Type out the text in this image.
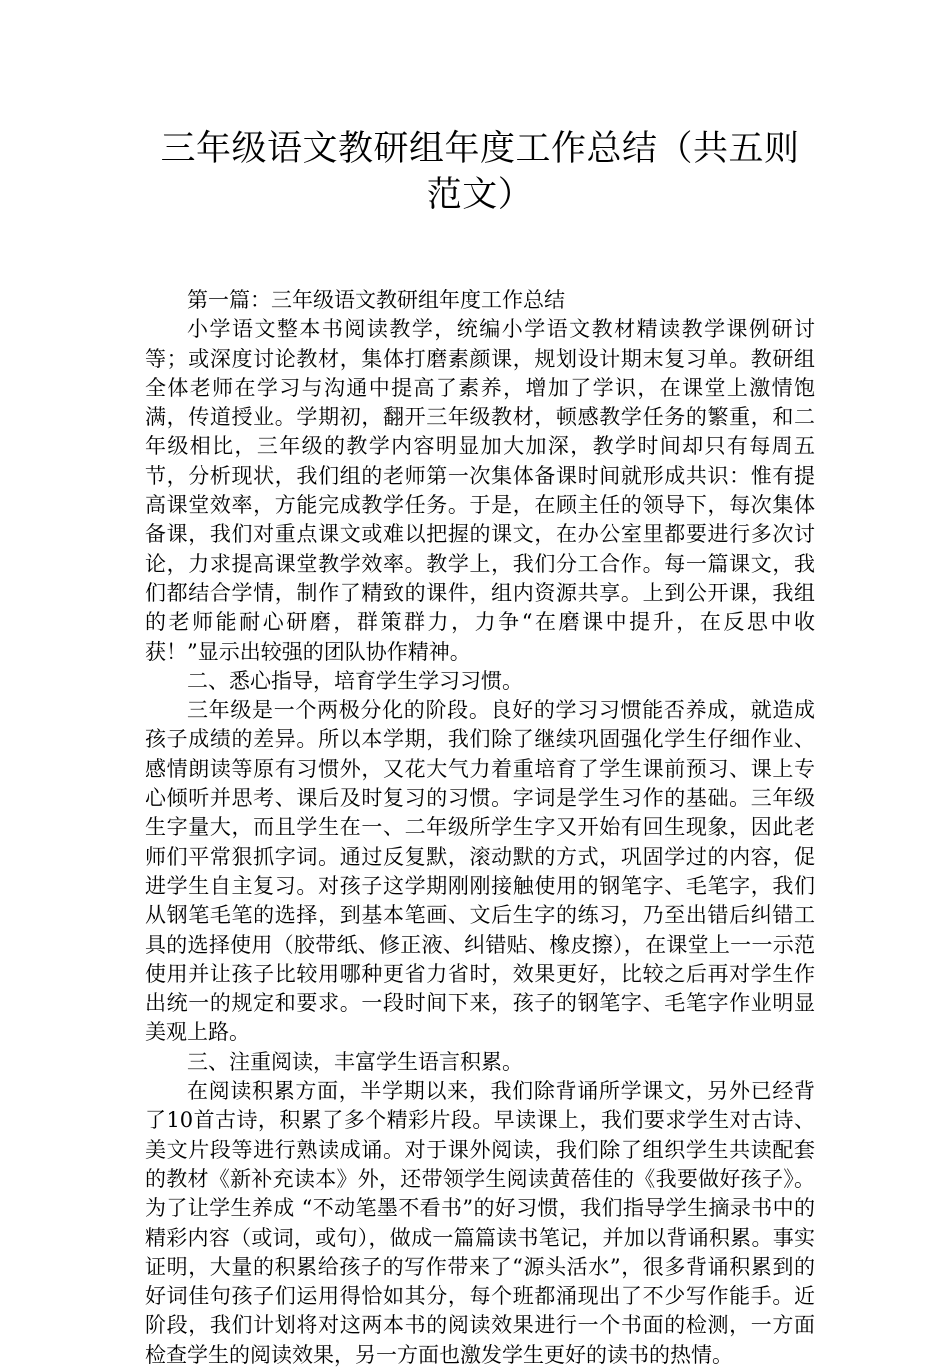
三年级语文教研组年度工作总结（共五则范文）

第一篇：三年级语文教研组年度工作总结

小学语文整本书阅读教学，统编小学语文教材精读教学课例研讨等；或深度讨论教材，集体打磨素颜课，规划设计期末复习单。教研组全体老师在学习与沟通中提高了素养，增加了学识，在课堂上激情饱满，传道授业。学期初，翻开三年级教材，顿感教学任务的繁重，和二年级相比，三年级的教学内容明显加大加深，教学时间却只有每周五节，分析现状，我们组的老师第一次集体备课时间就形成共识：惟有提高课堂效率，方能完成教学任务。于是，在顾主任的领导下，每次集体备课，我们对重点课文或难以把握的课文，在办公室里都要进行多次讨论，力求提高课堂教学效率。教学上，我们分工合作。每一篇课文，我们都结合学情，制作了精致的课件，组内资源共享。上到公开课，我组的老师能耐心研磨，群策群力，力争“在磨课中提升，在反思中收获！”显示出较强的团队协作精神。

二、悉心指导，培育学生学习习惯。

三年级是一个两极分化的阶段。良好的学习习惯能否养成，就造成孩子成绩的差异。所以本学期，我们除了继续巩固强化学生仔细作业、感情朗读等原有习惯外，又花大气力着重培育了学生课前预习、课上专心倾听并思考、课后及时复习的习惯。字词是学生习作的基础。三年级生字量大，而且学生在一、二年级所学生字又开始有回生现象，因此老师们平常狠抓字词。通过反复默，滚动默的方式，巩固学过的内容，促进学生自主复习。对孩子这学期刚刚接触使用的钢笔字、毛笔字，我们从钢笔毛笔的选择，到基本笔画、文后生字的练习，乃至出错后纠错工具的选择使用（胶带纸、修正液、纠错贴、橡皮擦），在课堂上一一示范使用并让孩子比较用哪种更省力省时，效果更好，比较之后再对学生作出统一的规定和要求。一段时间下来，孩子的钢笔字、毛笔字作业明显美观上路。

三、注重阅读，丰富学生语言积累。

在阅读积累方面，半学期以来，我们除背诵所学课文，另外已经背了10首古诗，积累了多个精彩片段。早读课上，我们要求学生对古诗、美文片段等进行熟读成诵。对于课外阅读，我们除了组织学生共读配套的教材《新补充读本》外，还带领学生阅读黄蓓佳的《我要做好孩子》。为了让学生养成 “不动笔墨不看书”的好习惯，我们指导学生摘录书中的精彩内容（或词，或句），做成一篇篇读书笔记，并加以背诵积累。事实证明，大量的积累给孩子的写作带来了“源头活水”，很多背诵积累到的好词佳句孩子们运用得恰如其分，每个班都涌现出了不少写作能手。近阶段，我们计划将对这两本书的阅读效果进行一个书面的检测，一方面检查学生的阅读效果，另一方面也激发学生更好的读书的热情。
